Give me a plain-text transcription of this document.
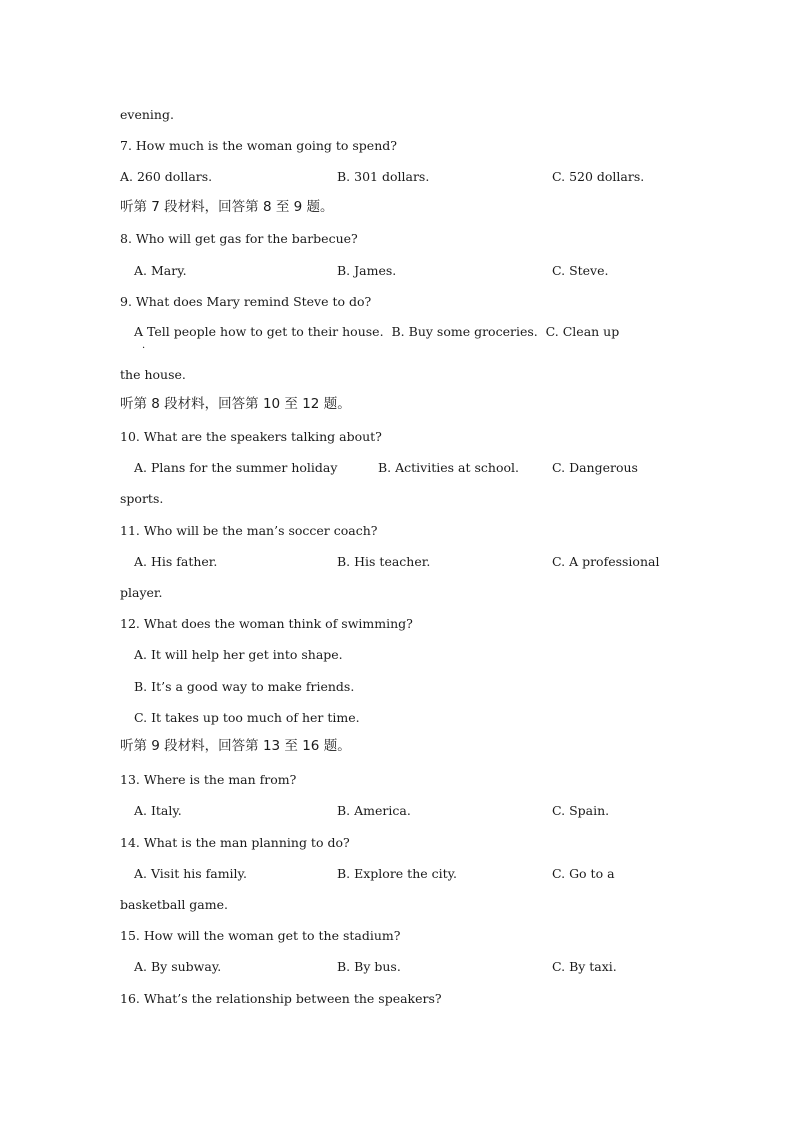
evening.
7. How much is the woman going to spend?
A. 260 dollars.	B. 301 dollars.	C. 520 dollars.
听第 7 段材料，回答第 8 至 9 题。
8. Who will get gas for the barbecue?
A. Mary.	B. James.	C. Steve.
9. What does Mary remind Steve to do?
A Tell people how to get to their house.  B. Buy some groceries.  C. Clean up
·
the house.
听第 8 段材料，回答第 10 至 12 题。
10. What are the speakers talking about?
A. Plans for the summer holiday	B. Activities at school.	C. Dangerous
sports.
11. Who will be the man’s soccer coach?
A. His father.	B. His teacher.	C. A professional
player.
12. What does the woman think of swimming?
A. It will help her get into shape.
B. It’s a good way to make friends.
C. It takes up too much of her time.
听第 9 段材料，回答第 13 至 16 题。
13. Where is the man from?
A. Italy.	B. America.	C. Spain.
14. What is the man planning to do?
A. Visit his family.	B. Explore the city.	C. Go to a
basketball game.
15. How will the woman get to the stadium?
A. By subway.	B. By bus.	C. By taxi.
16. What’s the relationship between the speakers?
